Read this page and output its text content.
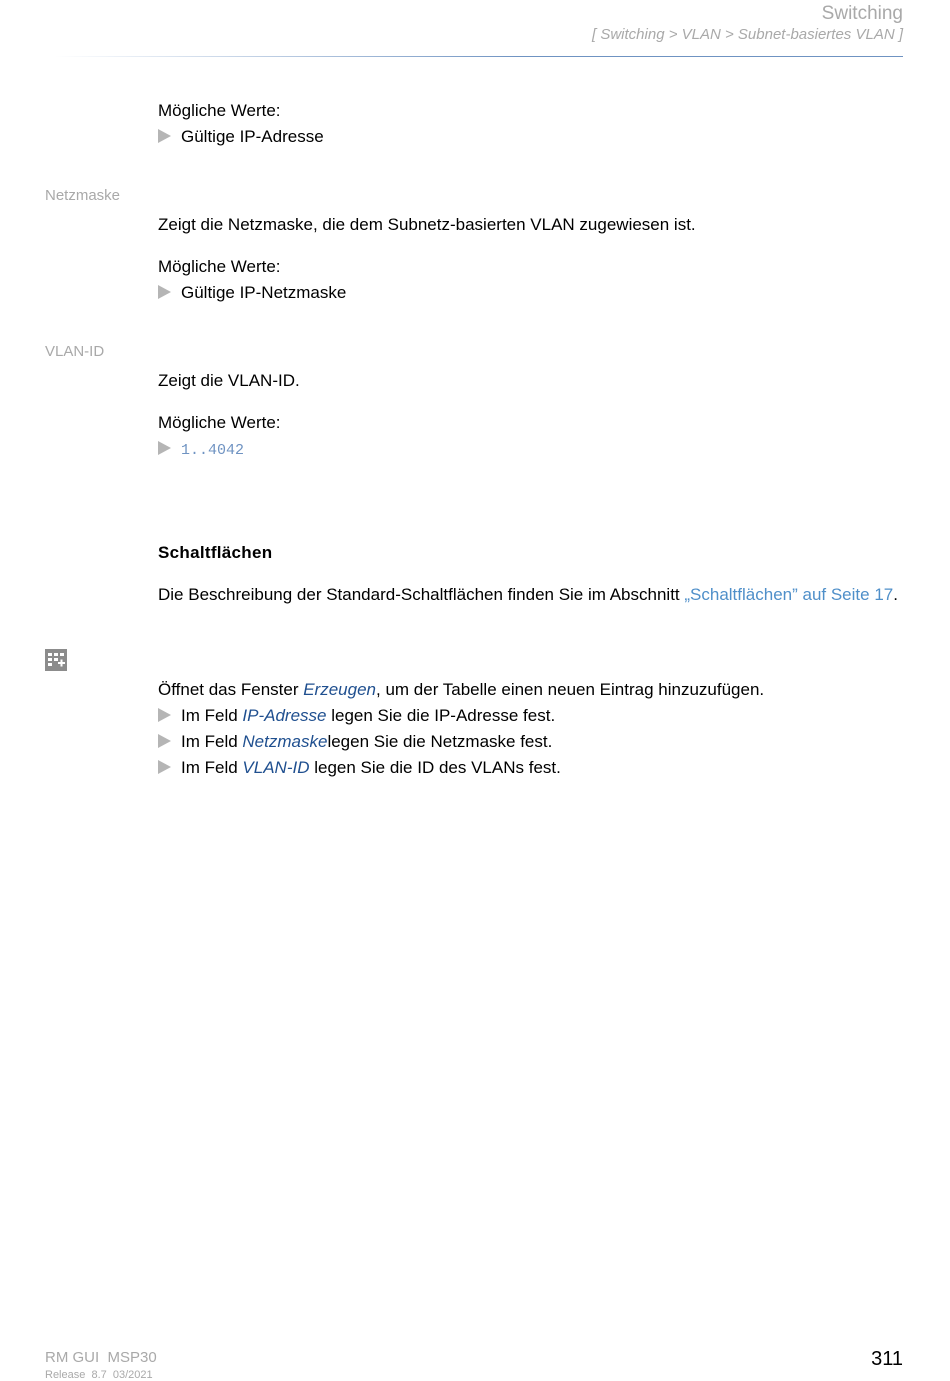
Switching
[ Switching > VLAN > Subnet-basiertes VLAN ]
Mögliche Werte:
Gültige IP-Adresse
Netzmaske
Zeigt die Netzmaske, die dem Subnetz-basierten VLAN zugewiesen ist.
Mögliche Werte:
Gültige IP-Netzmaske
VLAN-ID
Zeigt die VLAN-ID.
Mögliche Werte:
1..4042
Schaltflächen
Die Beschreibung der Standard-Schaltflächen finden Sie im Abschnitt „Schaltflächen” auf Seite 17.
Öffnet das Fenster Erzeugen, um der Tabelle einen neuen Eintrag hinzuzufügen.
Im Feld IP-Adresse legen Sie die IP-Adresse fest.
Im Feld Netzmaskelegen Sie die Netzmaske fest.
Im Feld VLAN-ID legen Sie die ID des VLANs fest.
RM GUI  MSP30
Release  8.7  03/2021
311
